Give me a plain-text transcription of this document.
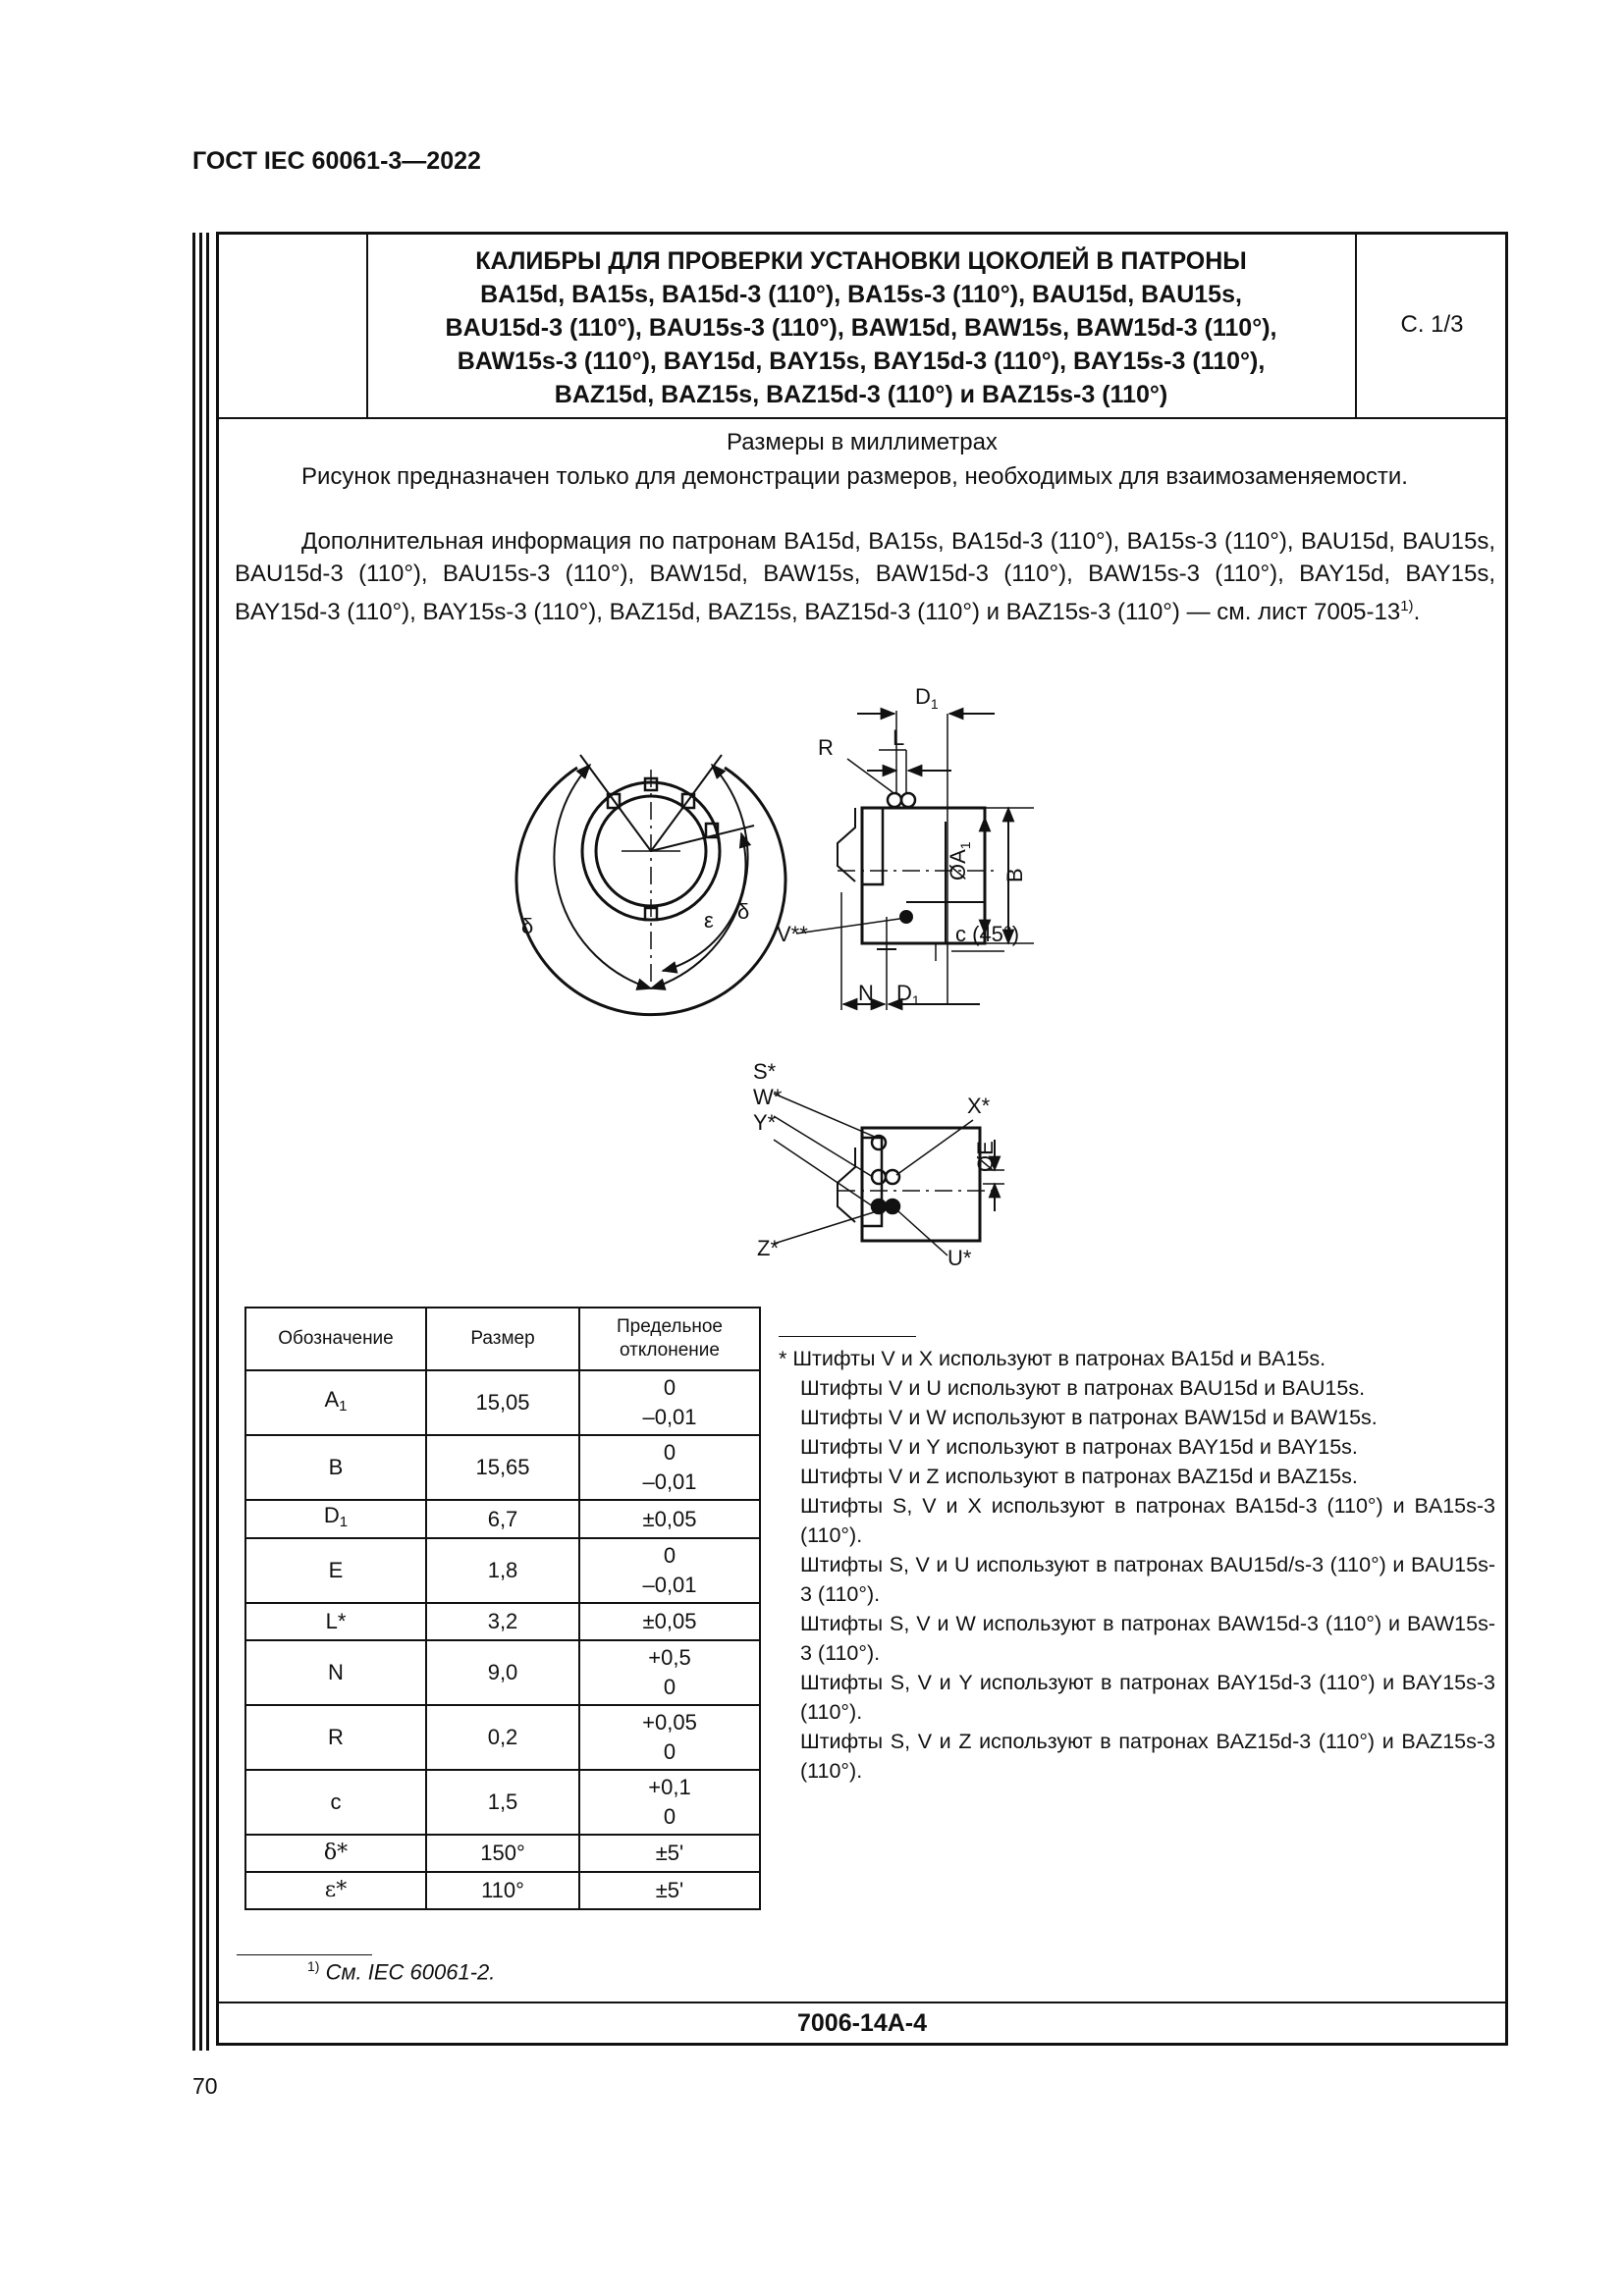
ГОСТ IEC 60061-3—2022
КАЛИБРЫ ДЛЯ ПРОВЕРКИ УСТАНОВКИ ЦОКОЛЕЙ В ПАТРОНЫ
BA15d, BA15s, BA15d-3 (110°), BA15s-3 (110°), BAU15d, BAU15s,
BAU15d-3 (110°), BAU15s-3 (110°), BAW15d, BAW15s, BAW15d-3 (110°),
BAW15s-3 (110°), BAY15d, BAY15s, BAY15d-3 (110°), BAY15s-3 (110°),
BAZ15d, BAZ15s, BAZ15d-3 (110°) и BAZ15s-3 (110°)
С. 1/3
Размеры в миллиметрах

Рисунок предназначен только для демонстрации размеров, необходимых для взаимозаменяемости.

Дополнительная информация по патронам BA15d, BA15s, BA15d-3 (110°), BA15s-3 (110°), BAU15d, BAU15s, BAU15d-3 (110°), BAU15s-3 (110°), BAW15d, BAW15s, BAW15d-3 (110°), BAW15s-3 (110°), BAY15d, BAY15s, BAY15d-3 (110°), BAY15s-3 (110°), BAZ15d, BAZ15s, BAZ15d-3 (110°) и BAZ15s-3 (110°) — см. лист 7005-13$^{1)}$.

δ
δ
ε
$D_1$
L
R
$ØA_1$
B
V**	c (45°)
N $D_1$
S*
W*
Y*
Z*
X*
U*
ØE
Обозначение	Размер	Предельное отклонение

$A_1$	15,05	0
–0,01

B	15,65	0
–0,01

$D_1$	6,7	±0,05

E	1,8	0
–0,01

L*	3,2	±0,05

N	9,0	+0,5
0

R	0,2	+0,05
0

c	1,5	+0,1
0

δ*	150°	±5'

ε*	110°	±5'
* Штифты V и X используют в патронах BA15d и BA15s.
Штифты V и U используют в патронах BAU15d и BAU15s.
Штифты V и W используют в патронах BAW15d и BAW15s.
Штифты V и Y используют в патронах BAY15d и BAY15s.
Штифты V и Z используют в патронах BAZ15d и BAZ15s.
Штифты S, V и X используют в патронах BA15d-3 (110°) и BA15s-3 (110°).
Штифты S, V и U используют в патронах BAU15d/s-3 (110°) и BAU15s-3 (110°).
Штифты S, V и W используют в патронах BAW15d-3 (110°) и BAW15s-3 (110°).
Штифты S, V и Y используют в патронах BAY15d-3 (110°) и BAY15s-3 (110°).
Штифты S, V и Z используют в патронах BAZ15d-3 (110°) и BAZ15s-3 (110°).
$^{1)}$ См. IEC 60061-2.
7006-14A-4
70
